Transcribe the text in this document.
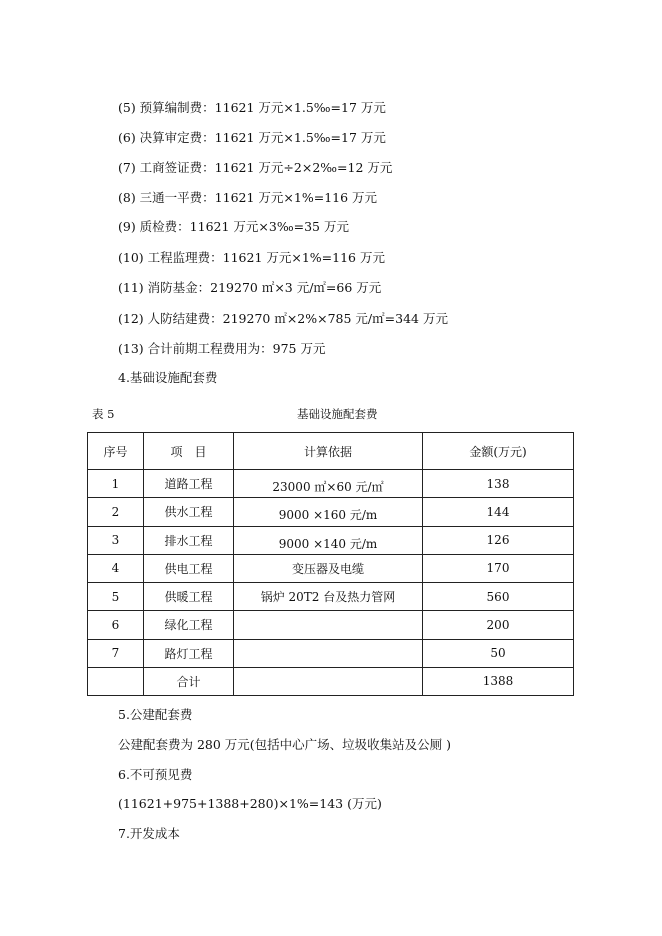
(5) 预算编制费：11621 万元×1.5‰=17 万元
(6) 决算审定费：11621 万元×1.5‰=17 万元
(7) 工商签证费：11621 万元÷2×2‰=12 万元
(8) 三通一平费：11621 万元×1%=116 万元
(9) 质检费：11621 万元×3‰=35 万元
(10) 工程监理费：11621 万元×1%=116 万元
(11) 消防基金：219270 ㎡×3 元/㎡=66 万元
(12) 人防结建费：219270 ㎡×2%×785 元/㎡=344 万元
(13) 合计前期工程费用为：975 万元
4.基础设施配套费
表 5	基础设施配套费
序号	项　目	计算依据	金额(万元)
1	道路工程	23000 ㎡×60 元/㎡	138
2	供水工程	9000 ×160 元/m	144
3	排水工程	9000 ×140 元/m	126
4	供电工程	变压器及电缆	170
5	供暖工程	锅炉 20T2 台及热力管网	560
6	绿化工程		200
7	路灯工程		50
	合计		1388
5.公建配套费
公建配套费为 280 万元(包括中心广场、垃圾收集站及公厕 )
6.不可预见费
(11621+975+1388+280)×1%=143 (万元)
7.开发成本
